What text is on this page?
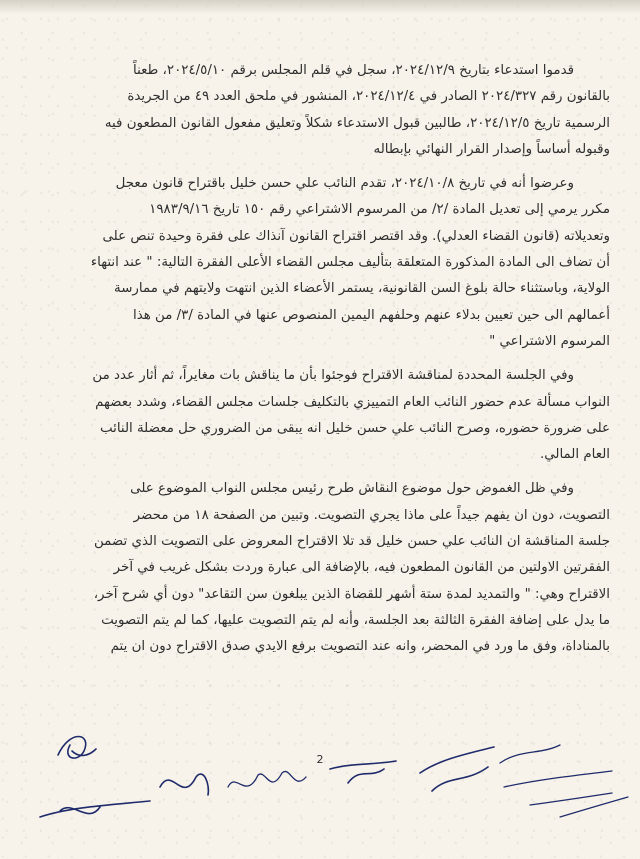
قدموا استدعاء بتاريخ ٢٠٢٤/١٢/٩، سجل في قلم المجلس برقم ٢٠٢٤/٥/١٠، طعناً

بالقانون رقم ٢٠٢٤/٣٢٧ الصادر في ٢٠٢٤/١٢/٤، المنشور في ملحق العدد ٤٩ من الجريدة

الرسمية تاريخ ٢٠٢٤/١٢/٥، طالبين قبول الاستدعاء شكلاً وتعليق مفعول القانون المطعون فيه

وقبوله أساساً وإصدار القرار النهائي بإبطاله

وعرضوا أنه في تاريخ ٢٠٢٤/١٠/٨، تقدم النائب علي حسن خليل باقتراح قانون معجل

مكرر يرمي إلى تعديل المادة /٢/ من المرسوم الاشتراعي رقم ١٥٠ تاريخ ١٩٨٣/٩/١٦

وتعديلاته (قانون القضاء العدلي). وقد اقتصر اقتراح القانون آنذاك على فقرة وحيدة تنص على

أن تضاف الى المادة المذكورة المتعلقة بتأليف مجلس القضاء الأعلى الفقرة التالية: " عند انتهاء

الولاية، وباستثناء حالة بلوغ السن القانونية، يستمر الأعضاء الذين انتهت ولايتهم في ممارسة

أعمالهم الى حين تعيين بدلاء عنهم وحلفهم اليمين المنصوص عنها في المادة /٣/ من هذا

المرسوم الاشتراعي "

وفي الجلسة المحددة لمناقشة الاقتراح فوجئوا بأن ما يناقش بات مغايراً، ثم أثار عدد من

النواب مسألة عدم حضور النائب العام التمييزي بالتكليف جلسات مجلس القضاء، وشدد بعضهم

على ضرورة حضوره، وصرح النائب علي حسن خليل انه يبقى من الضروري حل معضلة النائب

العام المالي.

وفي ظل الغموض حول موضوع النقاش طرح رئيس مجلس النواب الموضوع على

التصويت، دون ان يفهم جيداً على ماذا يجري التصويت. وتبين من الصفحة ١٨ من محضر

جلسة المناقشة ان النائب علي حسن خليل قد تلا الاقتراح المعروض على التصويت الذي تضمن

الفقرتين الاولتين من القانون المطعون فيه، بالإضافة الى عبارة وردت بشكل غريب في آخر

الاقتراح وهي: " والتمديد لمدة ستة أشهر للقضاة الذين يبلغون سن التقاعد" دون أي شرح آخر،

ما يدل على إضافة الفقرة الثالثة بعد الجلسة، وأنه لم يتم التصويت عليها، كما لم يتم التصويت

بالمناداة، وفق ما ورد في المحضر، وانه عند التصويت برفع الايدي صدق الاقتراح دون ان يتم

2
